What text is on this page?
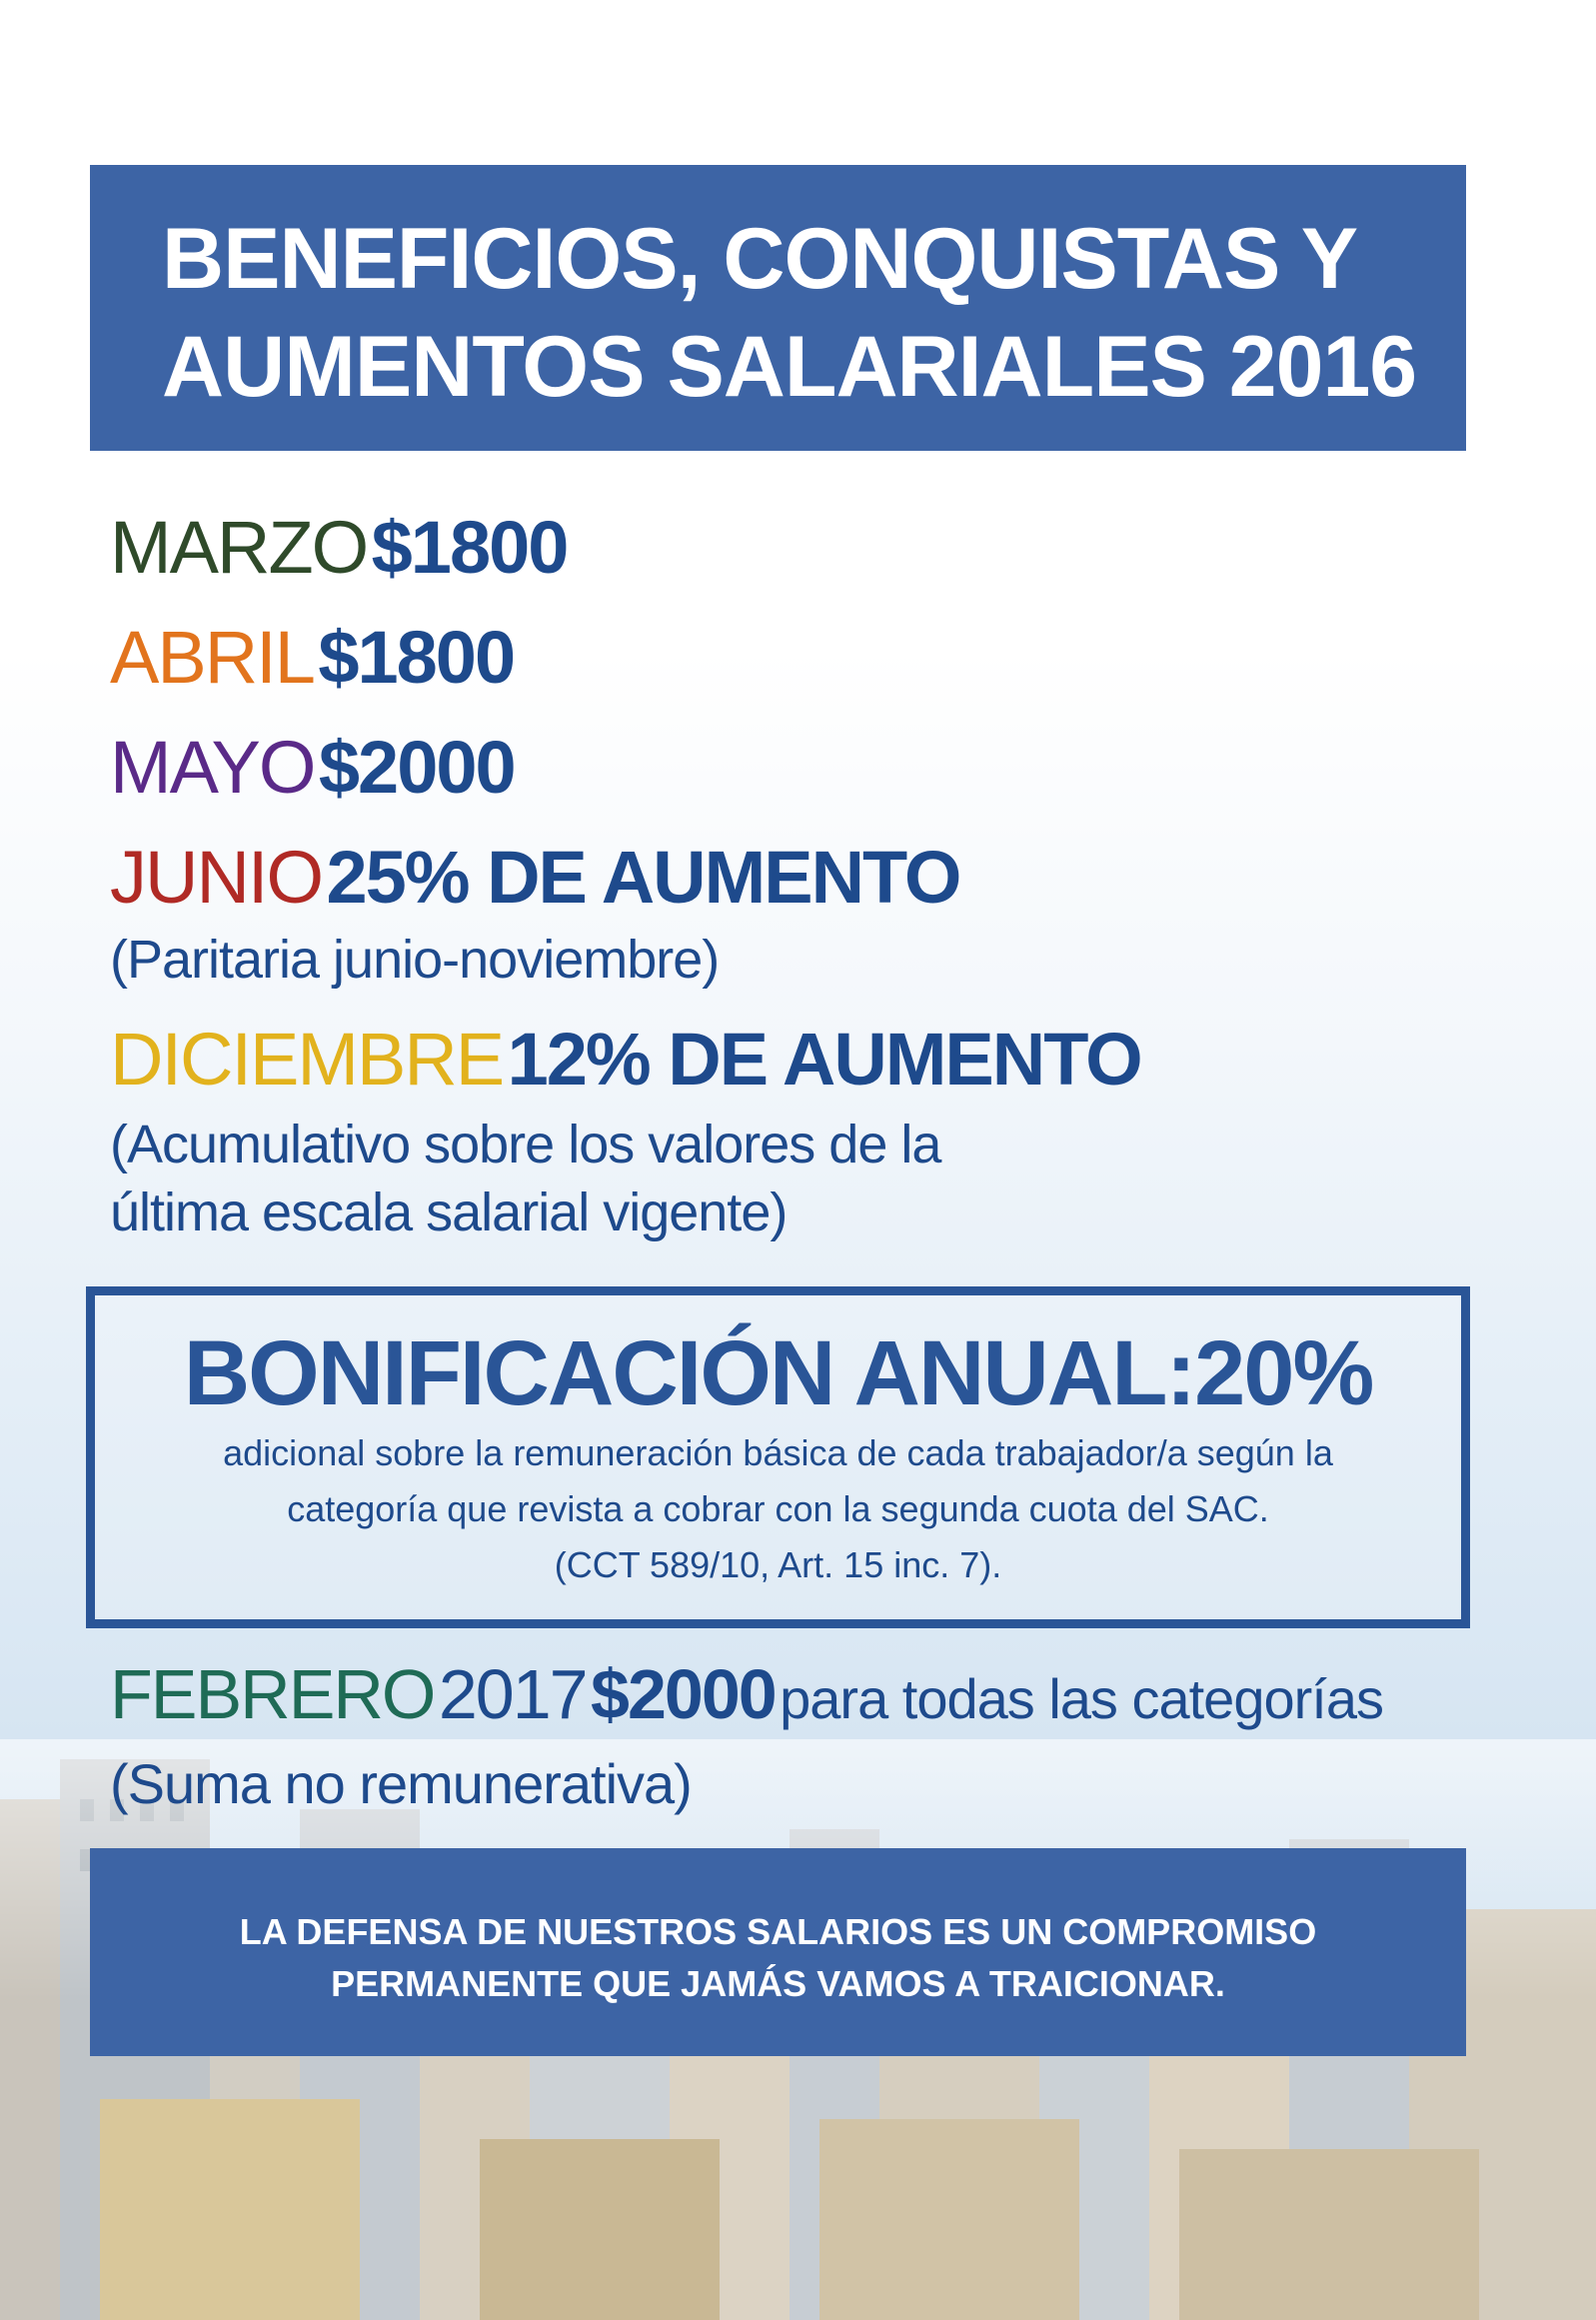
BENEFICIOS, CONQUISTAS Y
AUMENTOS SALARIALES 2016
MARZO $1800
ABRIL $1800
MAYO $2000
JUNIO 25% DE AUMENTO
(Paritaria junio-noviembre)
DICIEMBRE 12% DE AUMENTO
(Acumulativo sobre los valores de la
última escala salarial vigente)
BONIFICACIÓN ANUAL:20%
adicional sobre la remuneración básica de cada trabajador/a según la
categoría que revista a cobrar con la segunda cuota del SAC.
(CCT 589/10, Art. 15 inc. 7).
FEBRERO 2017 $2000 para todas las categorías
(Suma no remunerativa)
LA DEFENSA DE NUESTROS SALARIOS ES UN COMPROMISO
PERMANENTE QUE JAMÁS VAMOS A TRAICIONAR.
